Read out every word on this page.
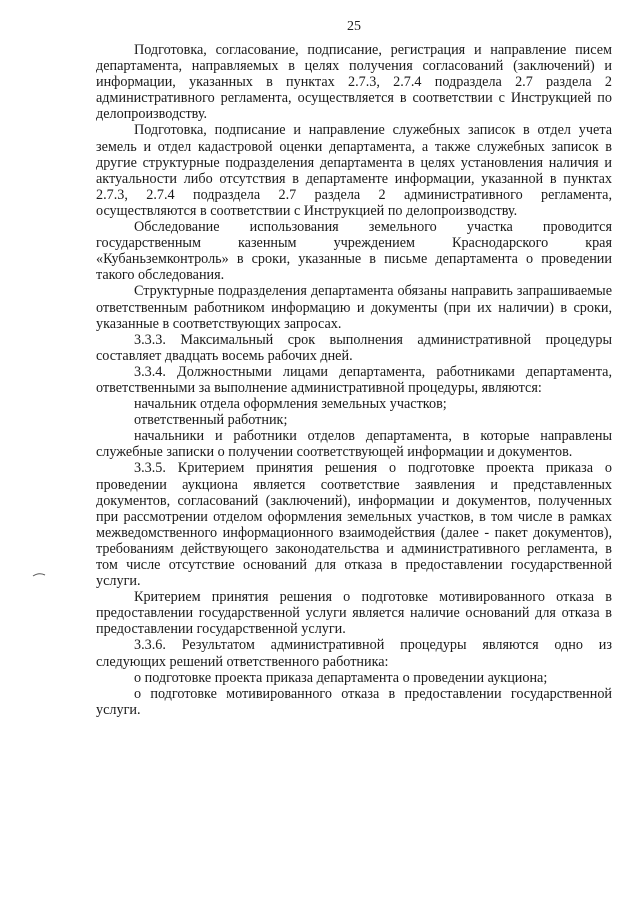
25

Подготовка, согласование, подписание, регистрация и направление писем департамента, направляемых в целях получения согласований (заключений) и информации, указанных в пунктах 2.7.3, 2.7.4 подраздела 2.7 раздела 2 административного регламента, осуществляется в соответствии с Инструкцией по делопроизводству.

Подготовка, подписание и направление служебных записок в отдел учета земель и отдел кадастровой оценки департамента, а также служебных записок в другие структурные подразделения департамента в целях установления наличия и актуальности либо отсутствия в департаменте информации, указанной в пунктах 2.7.3, 2.7.4 подраздела 2.7 раздела 2 административного регламента, осуществляются в соответствии с Инструкцией по делопроизводству.

Обследование использования земельного участка проводится государственным казенным учреждением Краснодарского края «Кубаньземконтроль» в сроки, указанные в письме департамента о проведении такого обследования.

Структурные подразделения департамента обязаны направить запрашиваемые ответственным работником информацию и документы (при их наличии) в сроки, указанные в соответствующих запросах.

3.3.3. Максимальный срок выполнения административной процедуры составляет двадцать восемь рабочих дней.

3.3.4. Должностными лицами департамента, работниками департамента, ответственными за выполнение административной процедуры, являются:

начальник отдела оформления земельных участков;

ответственный работник;

начальники и работники отделов департамента, в которые направлены служебные записки о получении соответствующей информации и документов.

3.3.5. Критерием принятия решения о подготовке проекта приказа о проведении аукциона является соответствие заявления и представленных документов, согласований (заключений), информации и документов, полученных при рассмотрении отделом оформления земельных участков, в том числе в рамках межведомственного информационного взаимодействия (далее - пакет документов), требованиям действующего законодательства и административного регламента, в том числе отсутствие оснований для отказа в предоставлении государственной услуги.

Критерием принятия решения о подготовке мотивированного отказа в предоставлении государственной услуги является наличие оснований для отказа в предоставлении государственной услуги.

3.3.6. Результатом административной процедуры являются одно из следующих решений ответственного работника:

о подготовке проекта приказа департамента о проведении аукциона;

о подготовке мотивированного отказа в предоставлении государственной услуги.
